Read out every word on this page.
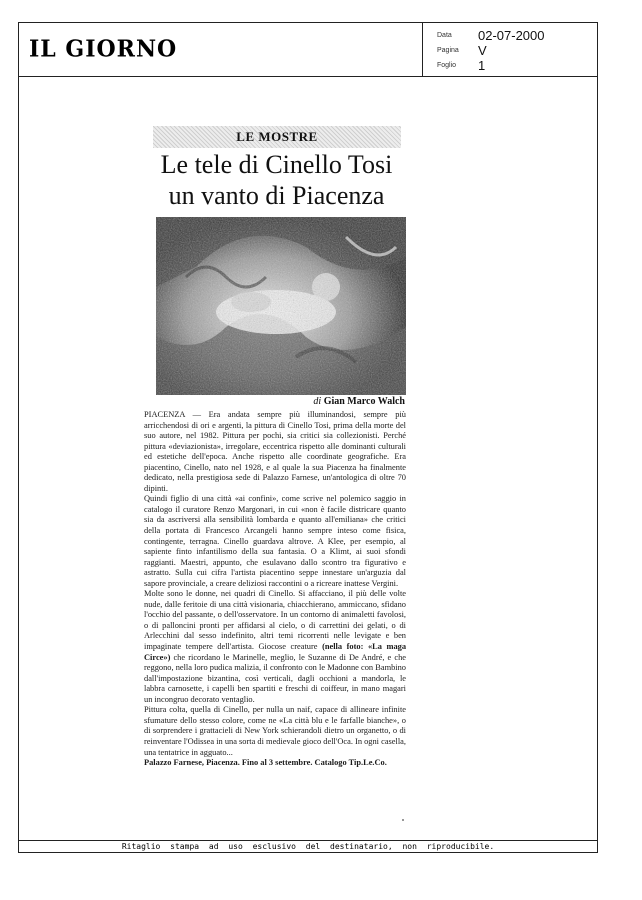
IL GIORNO	Data 02-07-2000
Pagina V
Foglio 1
Ritaglio stampa ad uso esclusivo del destinatario, non riproducibile.
LE MOSTRE
Le tele di Cinello Tosi
un vanto di Piacenza
di Gian Marco Walch

PIACENZA — Era andata sempre più illuminandosi, sempre più arricchendosi di ori e argenti, la pittura di Cinello Tosi, prima della morte del suo autore, nel 1982. Pittura per pochi, sia critici sia collezionisti. Perché pittura «deviazionista», irregolare, eccentrica rispetto alle dominanti culturali ed estetiche dell'epoca. Anche rispetto alle coordinate geografiche. Era piacentino, Cinello, nato nel 1928, e al quale la sua Piacenza ha finalmente dedicato, nella prestigiosa sede di Palazzo Farnese, un'antologica di oltre 70 dipinti.

Quindi figlio di una città «ai confini», come scrive nel polemico saggio in catalogo il curatore Renzo Margonari, in cui «non è facile districare quanto sia da ascriversi alla sensibilità lombarda e quanto all'emiliana» che critici della portata di Francesco Arcangeli hanno sempre inteso come fisica, contingente, terragna. Cinello guardava altrove. A Klee, per esempio, al sapiente finto infantilismo della sua fantasia. O a Klimt, ai suoi sfondi raggianti. Maestri, appunto, che esulavano dallo scontro tra figurativo e astratto. Sulla cui cifra l'artista piacentino seppe innestare un'arguzia dal sapore provinciale, a creare deliziosi raccontini o a ricreare inattese Vergini.

Molte sono le donne, nei quadri di Cinello. Si affacciano, il più delle volte nude, dalle feritoie di una città visionaria, chiacchierano, ammiccano, sfidano l'occhio del passante, o dell'osservatore. In un contorno di animaletti favolosi, o di palloncini pronti per affidarsi al cielo, o di carrettini dei gelati, o di Arlecchini dal sesso indefinito, altri temi ricorrenti nelle levigate e ben impaginate tempere dell'artista. Giocose creature (nella foto: «La maga Circe») che ricordano le Marinelle, meglio, le Suzanne di De André, e che reggono, nella loro pudica malizia, il confronto con le Madonne con Bambino dall'impostazione bizantina, così verticali, dagli occhioni a mandorla, le labbra carnosette, i capelli ben spartiti e freschi di coiffeur, in mano magari un incongruo decorato ventaglio.

Pittura colta, quella di Cinello, per nulla un naif, capace di allineare infinite sfumature dello stesso colore, come ne «La città blu e le farfalle bianche», o di sorprendere i grattacieli di New York schierandoli dietro un organetto, o di reinventare l'Odissea in una sorta di medievale gioco dell'Oca. In ogni casella, una tentatrice in agguato...

Palazzo Farnese, Piacenza. Fino al 3 settembre. Catalogo Tip.Le.Co.
